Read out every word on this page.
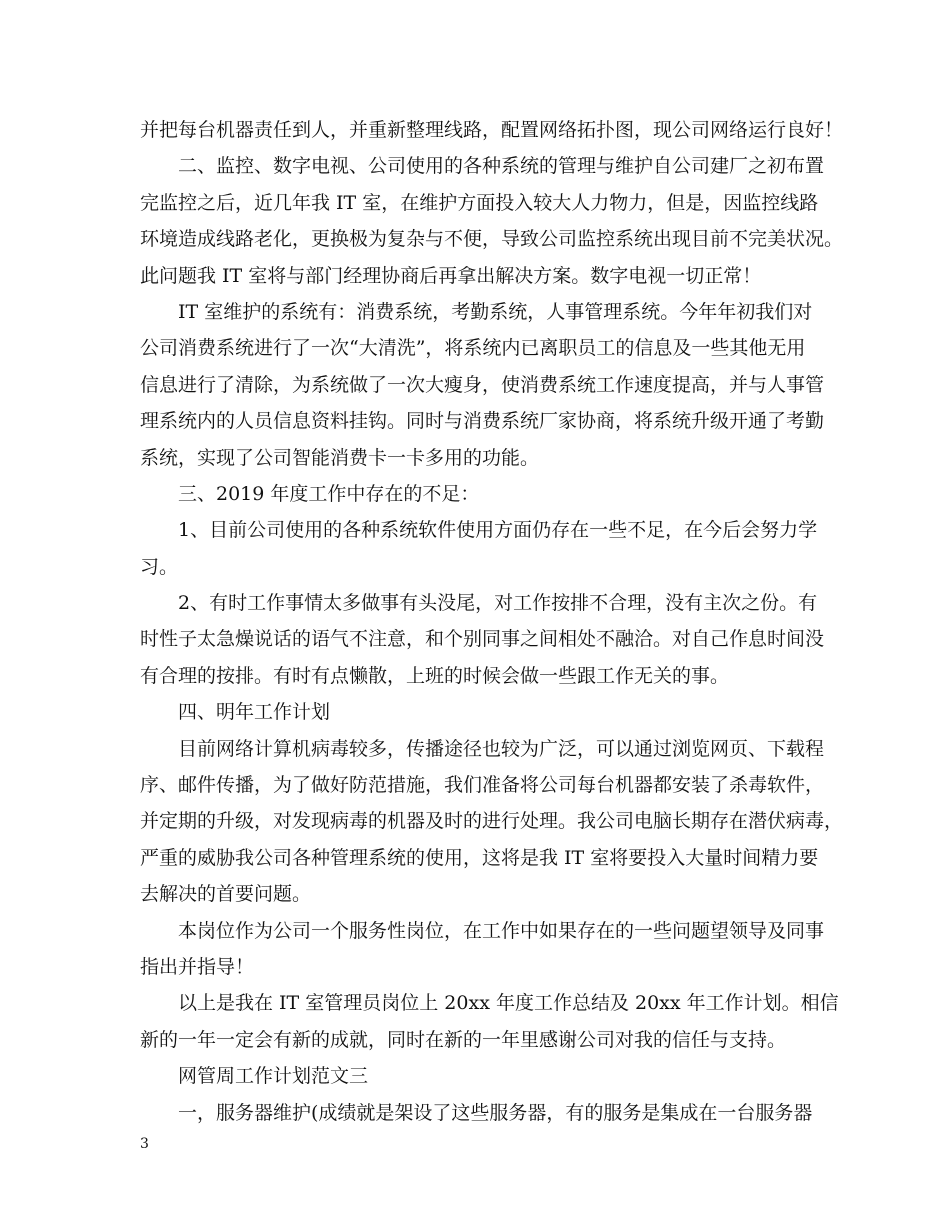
并把每台机器责任到人，并重新整理线路，配置网络拓扑图，现公司网络运行良好！
二、监控、数字电视、公司使用的各种系统的管理与维护自公司建厂之初布置
完监控之后，近几年我 IT 室，在维护方面投入较大人力物力，但是，因监控线路
环境造成线路老化，更换极为复杂与不便，导致公司监控系统出现目前不完美状况。
此问题我 IT 室将与部门经理协商后再拿出解决方案。数字电视一切正常！
IT 室维护的系统有：消费系统，考勤系统，人事管理系统。今年年初我们对
公司消费系统进行了一次“大清洗”，将系统内已离职员工的信息及一些其他无用
信息进行了清除，为系统做了一次大瘦身，使消费系统工作速度提高，并与人事管
理系统内的人员信息资料挂钩。同时与消费系统厂家协商，将系统升级开通了考勤
系统，实现了公司智能消费卡一卡多用的功能。
三、2019 年度工作中存在的不足：
1、目前公司使用的各种系统软件使用方面仍存在一些不足，在今后会努力学
习。
2、有时工作事情太多做事有头没尾，对工作按排不合理，没有主次之份。有
时性子太急燥说话的语气不注意，和个别同事之间相处不融洽。对自己作息时间没
有合理的按排。有时有点懒散，上班的时候会做一些跟工作无关的事。
四、明年工作计划
目前网络计算机病毒较多，传播途径也较为广泛，可以通过浏览网页、下载程
序、邮件传播，为了做好防范措施，我们准备将公司每台机器都安装了杀毒软件，
并定期的升级，对发现病毒的机器及时的进行处理。我公司电脑长期存在潜伏病毒，
严重的威胁我公司各种管理系统的使用，这将是我 IT 室将要投入大量时间精力要
去解决的首要问题。
本岗位作为公司一个服务性岗位，在工作中如果存在的一些问题望领导及同事
指出并指导！
以上是我在 IT 室管理员岗位上 20xx 年度工作总结及 20xx 年工作计划。相信
新的一年一定会有新的成就，同时在新的一年里感谢公司对我的信任与支持。
网管周工作计划范文三
一，服务器维护(成绩就是架设了这些服务器，有的服务是集成在一台服务器
3
